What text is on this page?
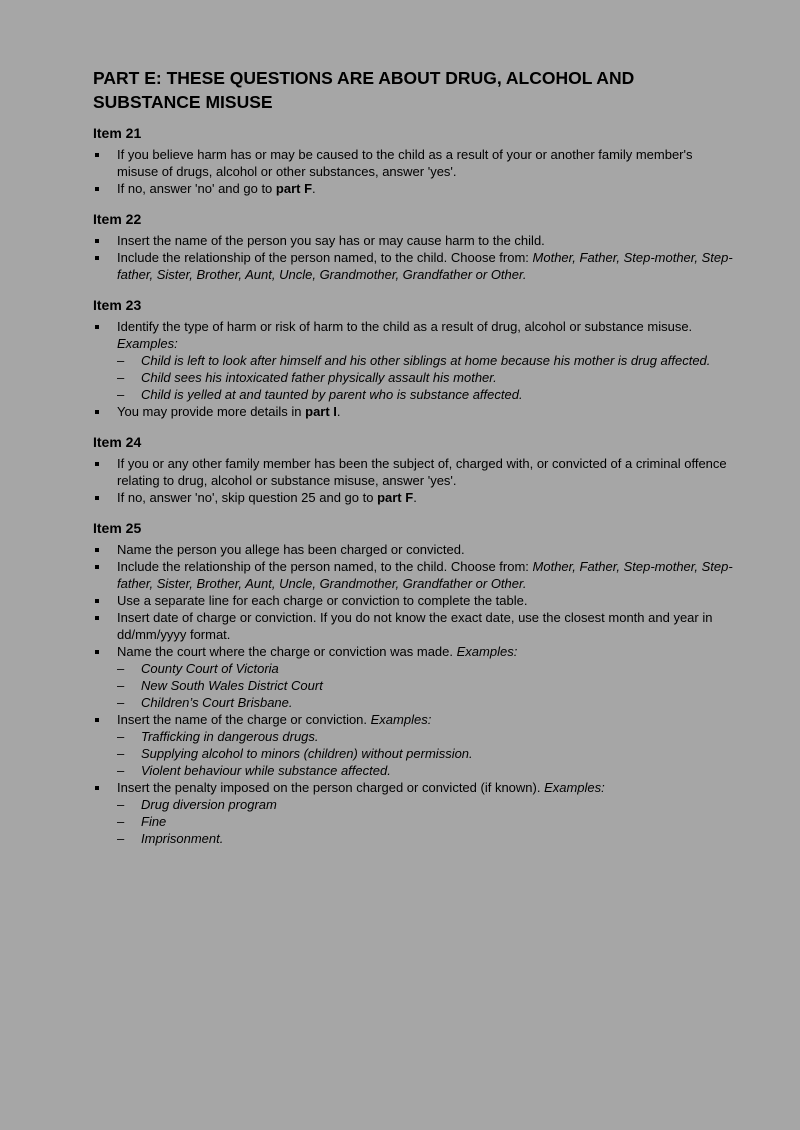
PART E: THESE QUESTIONS ARE ABOUT DRUG, ALCOHOL AND SUBSTANCE MISUSE
Item 21
If you believe harm has or may be caused to the child as a result of your or another family member's misuse of drugs, alcohol or other substances, answer 'yes'.
If no, answer 'no' and go to part F.
Item 22
Insert the name of the person you say has or may cause harm to the child.
Include the relationship of the person named, to the child. Choose from: Mother, Father, Step-mother, Step-father, Sister, Brother, Aunt, Uncle, Grandmother, Grandfather or Other.
Item 23
Identify the type of harm or risk of harm to the child as a result of drug, alcohol or substance misuse. Examples:
– Child is left to look after himself and his other siblings at home because his mother is drug affected.
– Child sees his intoxicated father physically assault his mother.
– Child is yelled at and taunted by parent who is substance affected.
You may provide more details in part I.
Item 24
If you or any other family member has been the subject of, charged with, or convicted of a criminal offence relating to drug, alcohol or substance misuse, answer 'yes'.
If no, answer 'no', skip question 25 and go to part F.
Item 25
Name the person you allege has been charged or convicted.
Include the relationship of the person named, to the child. Choose from: Mother, Father, Step-mother, Step-father, Sister, Brother, Aunt, Uncle, Grandmother, Grandfather or Other.
Use a separate line for each charge or conviction to complete the table.
Insert date of charge or conviction. If you do not know the exact date, use the closest month and year in dd/mm/yyyy format.
Name the court where the charge or conviction was made. Examples:
– County Court of Victoria
– New South Wales District Court
– Children’s Court Brisbane.
Insert the name of the charge or conviction. Examples:
– Trafficking in dangerous drugs.
– Supplying alcohol to minors (children) without permission.
– Violent behaviour while substance affected.
Insert the penalty imposed on the person charged or convicted (if known). Examples:
– Drug diversion program
– Fine
– Imprisonment.
